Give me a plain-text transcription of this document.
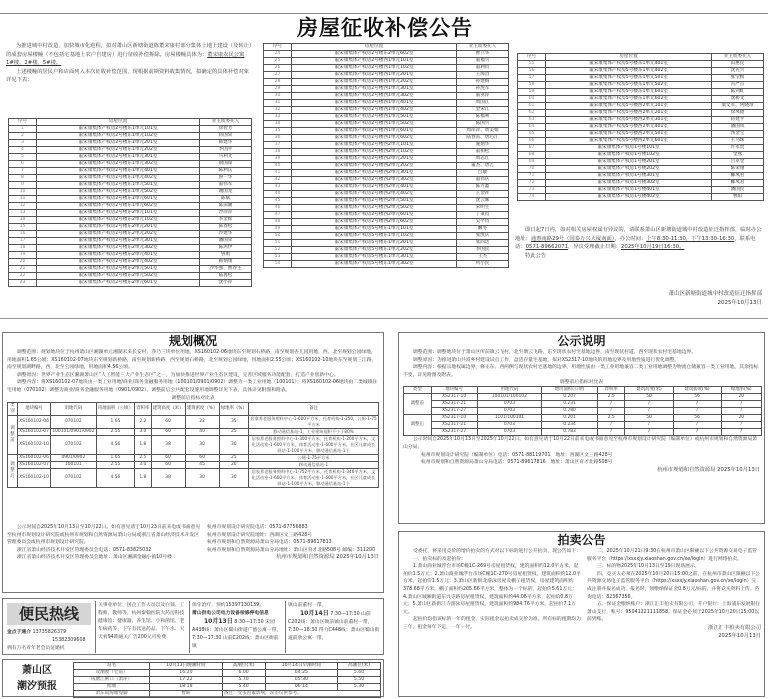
房屋征收补偿公告

为推进城中村改造，加快城市化进程，拟对萧山区新塘街道陈董宋康村部分集体土地上建设（及转让）的成套房屋楼幢（不包括宅基地上农户自建房）进行征收补偿拆除。房屋楼幢具体为：董宋康农民公寓1#楼、2#楼、5#楼。

上述楼幢的居民户和店面列入本次征收补偿范围，现根据前期资料收集情况，拟确定的具体补偿对象详见下表：

序号	房屋位置	业主或委托人
1	董宋康集体产权房2号楼东1单元101室	徐智芳
2	董宋康集体产权房2号楼东1单元102室	蒋国荣
3	董宋康集体产权房2号楼东1单元201室	韩建华
4	董宋康集体产权房2号楼东1单元202室	李国平
5	董宋康集体产权房2号楼东1单元301室	马利文
6	董宋康集体产权房2号楼东1单元302室	俞国锋
7	董宋康集体产权房2号楼东1单元401室	陈利庆
8	董宋康集体产权房2号楼东1单元402室	鲁一华
9	董宋康集体产权房2号楼东1单元501室	董伟军
10	董宋康集体产权房2号楼东1单元502室	谢国龙
11	董宋康集体产权房2号楼东1单元601室	陈斌
12	董宋康集体产权房2号楼东1单元602室	陈前潮
13	董宋康集体产权房2号楼东2单元101室	沙萍萍
14	董宋康集体产权房2号楼东2单元102室	李金推
15	董宋康集体产权房2号楼东2单元201室	陈春松
16	董宋康集体产权房2号楼东2单元202室	沙建华
17	董宋康集体产权房2号楼东2单元301室	潘国荣
18	董宋康集体产权房2号楼东2单元302室	陈鸿伊
19	董宋康集体产权房2号楼东2单元401室	鲁娟
20	董宋康集体产权房2号楼东2单元402室	韩炳康
21	董宋康集体产权房2号楼东2单元501室	沙华强、曹春生
22	董宋康集体产权房2号楼东2单元502室	陆再松
23	董宋康集体产权房2号楼东2单元601室	沈小萍
序号	房屋位置	业主或委托人
24	董宋康集体产权房2号楼东2单元602室	曹立华
25	董宋康集体产权房2号楼西1单元101室	董福兴
26	董宋康集体产权房2号楼西1单元102室	董利钧
27	董宋康集体产权房2号楼西1单元201室	王海昌
28	董宋康集体产权房2号楼西1单元202室	孙建梅
29	董宋康集体产权房2号楼西1单元301室	孙虎军
30	董宋康集体产权房2号楼西1单元302室	董亚萍
31	董宋康集体产权房2号楼西1单元401室	周国江
32	董宋康集体产权房2号楼西1单元402室	金宋江
33	董宋康集体产权房2号楼西1单元501室	陈福利
34	董宋康集体产权房2号楼西1单元502室	陈国兴
35	董宋康集体产权房2号楼西1单元601室	周萍萍、周美娟
36	董宋康集体产权房2号楼西1单元602室	陆春雷、唐巧江
37	董宋康集体产权房2号楼西2单元101室	施炳华
38	董宋康集体产权房2号楼西2单元102室	董柏松
39	董宋康集体产权房2号楼西2单元201室	周志江
40	董宋康集体产权房2号楼西2单元202室	董杰、唐吉
41	董宋康集体产权房2号楼西2单元301室	吕敏
42	董宋康集体产权房2号楼西2单元302室	董伟庆
43	董宋康集体产权房2号楼西2单元401室	陈方鑫
44	董宋康集体产权房2号楼西2单元402室	王金祥
45	董宋康集体产权房2号楼西2单元501室	沈云妹
46	董宋康集体产权房2号楼西2单元502室	宋明生
47	董宋康集体产权房2号楼西2单元601室	丁秉钧
48	董宋康集体产权房2号楼西2单元602室	吴平钧
49	董宋康集体产权房5号楼东1单元101室	郦冬
50	董宋康集体产权房5号楼东1单元102室	张凯庆
51	董宋康集体产权房5号楼东1单元201室	张尚达
52	董宋康集体产权房5号楼东1单元202室	李国民
53	董宋康集体产权房5号楼东1单元301室	王杰
54	董宋康集体产权房5号楼东1单元302室	何小民
序号	房屋位置	业主或委托人
55	董宋康集体产权房5号楼东1单元401室	田惠民
56	董宋康集体产权房5号楼东1单元402室	沈先兴
57	董宋康集体产权房5号楼东1单元501室	张宝根
58	董宋康集体产权房5号楼东1单元502室	冯严点
59	董宋康集体产权房5号楼东1单元601室	陈剑虹
60	董宋康集体产权房5号楼东1单元602室	沈桥文
61	董宋康集体产权房5号楼西2单元101室	梁文军、何晓珍
62	董宋康集体产权房5号楼西2单元201室	徐凤德
63	董宋康集体产权房5号楼西2单元301室	蒋建平
64	董宋康集体产权房5号楼西2单元401室	潘国凤
65	董宋康集体产权房5号楼西2单元501室	汤金宝
66	董宋康集体产权房5号楼西2单元601室	王马珠
67	董宋康集体产权房1号楼101室	许永贵
68	董宋康集体产权房1号楼102室	金燕
69	董宋康集体产权房1号楼201室	吕卓金
70	董宋康集体产权房1号楼202室	陈荣翔
71	董宋康集体产权房1号楼301室	郦凤君
72	董宋康集体产权房1号楼302室	郦凤君
73	董宋康集体产权房1号楼401室	潘国民
74	董宋康集体产权房1号楼402室	曹阳
即日起7日内，如对相关房屋权属有异议的，请联系萧山区新塘街道城中村改造征迁指挥部，临时办公地址：通惠南路29号（国泰万兴大厦南面），办公时间：上午8:30-11:30，下午13:30-16:30，联系电话：0571-89662071，异议受理截止日期：2025年10月19日16:30。
特此公告
萧山区新塘街道城中村改造征迁指挥部
2025年10月13日
规划概况
调整范围：规划地块位于杭州萧山区湘湖单元湘湖未来长安村，净乃三块单位用地，XS160102-06地块东至规划石桥路，南至规划杏儿园用地，西、北至规划公园绿地，用地面积1.65公顷；XS160102-07地块东至规划新桥路，南至规划新桥路，西至规划石桥路，北至规划公园绿地，用地面积2.55公顷；XS160102-10地块东至规划三江路，南至规划湖畔路，西、北至公园绿地，用地面积4.56公顷。
调整原因：世界产业生态区湘湖萧山区“人工智能三大产业生态区”之一，为加快推进世界产业生态区建设，完善区域服务功能配套，打造产业创新中心。
调整内容：将XS160102-07地块由一类工业用地/商业/商务金融服务用地（100101/0901/0902）调整为一类工业用地（100101）；将XS160102-06地块由二类城镇住宅用地（070102）调整为商业/商务金融服务用地（0901/0902）。调整前后公共配套设施用地调整详见下表，具体详见附图和附表。
调整前后指标对比表
类别	地块编号	用地代码	用地面积（公顷）	容积率	建筑高度（米）	建筑密度（%）	绿地率（%）	备注
调整前	XS160102-06	070102	1.65	2.2	60	22	35	居家养老服务照料中心-1-600平方米，托育机构-1-250，公厕-1-75平方米
	XS160102-07	100101/0901/0902	2.55	3.0	60	40	25	移动通信基站-1，工业建筑面积不小于80%
	XS160102-10	070102	4.56	1.8	38	30	30	居家养老服务照料中心-1-300平方米，托育机构-1-200平方米，文化活动室-1-600平方米，体育活动室-1-600平方米，社区儿童成长驿站-1-100平方米，移动通信基站-1个
调整后	XS160102-06	0901/0902	1.65	2.5	60	60	25	公厕-1-75平方米
	XS160102-07	100101	2.55	3.0	60	45	20	移动通信基站-1
	XS160102-10	070102	4.56	1.8	38	30	30	居家养老服务照料中心-1-752平方米，托育机构-1-346平方米，文化活动室-1-600平方米，体育活动室-1-600平方米，社区儿童成长驿站-1-100平方米，移动通信基站-1个
公示时间自2025年10月13日至10月22日。如有意见请于10月23日前来电或书面意见至杭州市规划设计研究院或杭州市规划和自然资源局萧山分局或浙江省萧山经济技术开发区管理委员会或杭州市规划设计研究院。
浙江省萧山经济技术开发区管理委员会电话：0571-83825032
浙江省萧山经济技术开发区管理委员会地址：萧山区湘湖金融小镇10号楼
杭州市规划设计研究院电话：0571-87756883
杭州市规划设计研究院地址：西湖区文三路428号
杭州市规划和自然资源局萧山分局电话：0571-89617813
杭州市规划和自然资源局萧山分局地址：萧山区育才北路508号 邮编：311200
杭州市规划和自然资源局 2025年10月13日
公示说明
调整范围：调整地块位于萧山区所前镇云飞村，北至塘云飞路，东至现状农村宅基地边界，南至现状村道，西至现状农村宅基地边界。
调整原因：为推进萧山共富乡村建设试点工作，盘活存量宅基地，拟对XS2317-10地块的用地边界及用地性质进行优化调整。
调整内容：根据宗地权属边界，修正东、西两侧与现状农村宅基地的边界。用地性质由一类工业用地兼容二类工业用地调整为物流仓储兼容一类工业用地，其余指标不变，详见附图及附表。
调整前后指标对比表
类型	地块编号	用地代码	地块面积(公顷)	容积率	建筑高度(米)	建筑密度(%)	绿地率(%)
调整前	XS2317-10	100101/100102	0.207	2.5	50	56	20
	XS2317-21	0703	0.231	/	/	/	/
	XS2317-27	0703	0.780	/	/	/	/
调整后	XS2317-10	1101/100101	0.201	2.5	50	56	20
	XS2317-21	0703	0.234	/	/	/	/
	XS2317-27	0703	0.783	/	/	/	/
公示时间自2025年10月13日至2025年10月22日。如有意见请于10月22日前来电或书面意见至杭州市规划设计研究院（编制单位）或杭州市规划和自然资源局萧山分局。
杭州市规划设计研究院（编制单位）电话：0571-88119701　 地址：西湖区文三路428号
杭州市规划和自然资源局萧山分局电话：0571-89617816　 地址：萧山区育才北路508号
杭州市规划和自然资源局 2025年10月13日
拍卖公告
受委托，将采用竞价的增价拍卖的方式对以下标的进行公开拍卖，现公告如下：
一、拍卖标的及起拍价：
1.萧山商业城浮台市场C幢1C-269号房屋租赁权，建筑面积约12.0平方米，起拍价1.5万元；2.萧山商业城浮台市场C幢1C-270号房屋租赁权，建筑面积约12.0平方米，起拍价1.5万元；3.萧山区新街北游泳房屋及棚子租赁权，房屋建筑面积约378.68平方米，棚子面积约205.66平方米，整体为一个标的，起拍价5.61万元；4.萧山区城厢街道东兴寺路房屋租赁权，建筑面积约44.06平方米，起拍价0.8万元；5.萧山区新街江寺游泳房屋租赁权，建筑面积约984.76平方米，起拍价7.1万元。
起拍价均指该标的一年的租金，实际租金以拍卖成交价为准。所有标的租期均为三年，租金每年下定，一年一付。
二、2025年10月21日9:30在杭州市萧山区限额以下公共资源交易电子监管服务平台（https://xsxxjy.xiaoshan.gov.cn/xe/login）进行网络拍卖。
三、标的物2025年10月13日至19日现场展示。
四、竞买人必须在2025年10月20日15:00之前，在杭州市萧山区限额以下公共资源交易电子监管服务平台（https://xsxxjy.xiaoshan.gov.cn/xe/login）完成注册并报名成功，报名时，须缴纳保证金0.8万元/标的，并将竞买资料上传。咨询电话：82367356。
五、保证金缴纳账户：浙江汇丰拍卖有限公司，开户银行：上海浦东发展银行萧山支行，账号：95041221111858。保证金必须于2025年10月20日15:00以前到账。
浙江汇丰拍卖有限公司
2025年10月13日
便民热线
金点子通介 13735826379
15382309608
拥有万名青年老会员征婚机
关事业单位、国企工作人员以及白领、工程师、教师等。杭州秦翰医院大药房科技健康馆：健康器、养生馆、小和菌馆、老年病药等，下午有代送药品、下午水、天天看94期通关广告200元可免费
保守治疗，预约15397130139。
萧山供电公司电力设备检修停电信息
10月13日 8:30—17:30 宋园A438线：萧山区蜀山街道广德公寓一带，7:30—17:30 山前C202线：萧山区衙前镇
镇山前董村一带。
10月14日 7:30—17:30 山前C202线：萧山区衙前镇山前董村一带，7:30—18:30 得力C448线：萧山区蜀山街道前欣公寓一带。
萧山区
潮汐预报
站名	10月13日晚潮时间	高潮位(米)	10月14日早潮时间	高潮位(米)
双潮观（仓前）	16:20	6.00	04:25	5.60
钱塘江闸口（萧萍）	17:22	5.70	05:30	5.50
闻堰	18:18	5.40	06:14	5.30
萧东南海塘堤脚	暂缺	备注：受多因素影响，误差仅供参考。		
